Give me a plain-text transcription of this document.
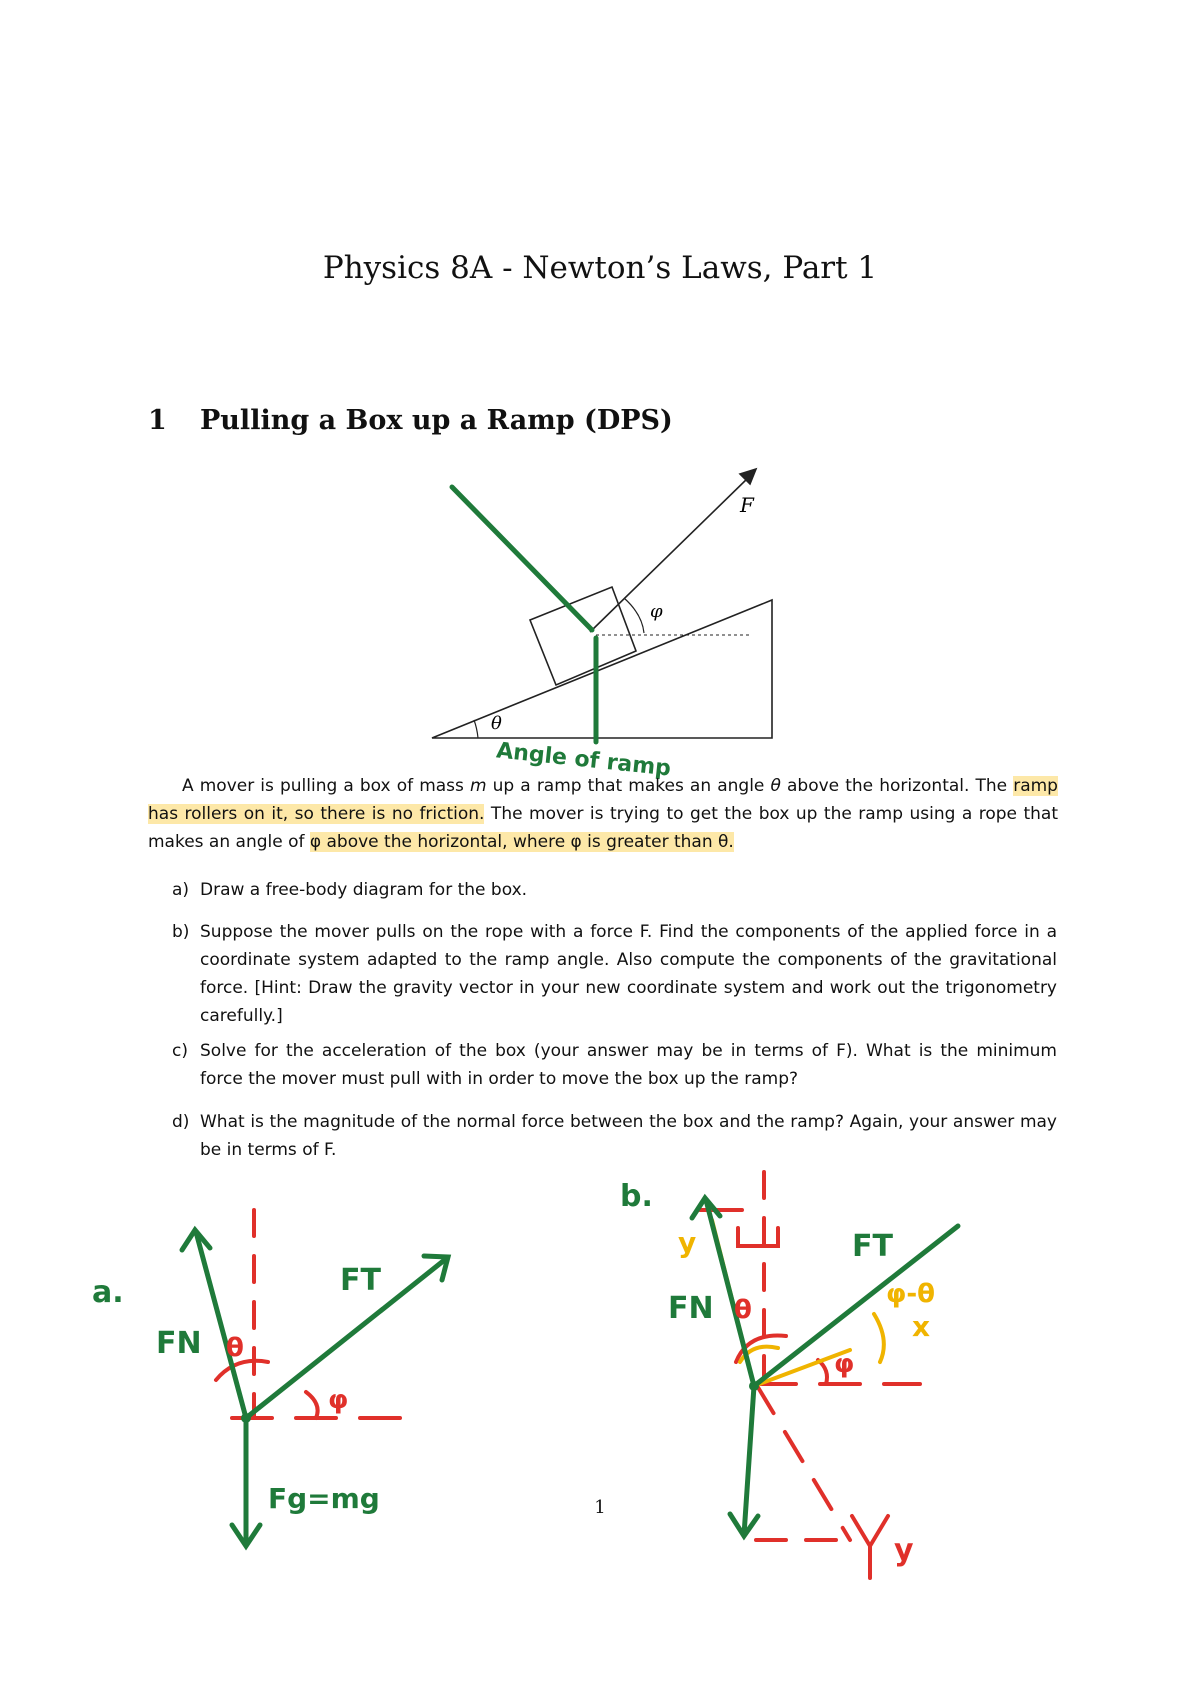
Physics 8A - Newton’s Laws, Part 1
1 Pulling a Box up a Ramp (DPS)
F
φ
θ
Angle of ramp
a.
FN
FT
Fg=mg
θ
φ
b.
FN
FT
θ
φ
φ-θ
x
y
y
A mover is pulling a box of mass m up a ramp that makes an angle θ above the horizontal. The ramp has rollers on it, so there is no friction. The mover is trying to get the box up the ramp using a rope that makes an angle of φ above the horizontal, where φ is greater than θ.
a) Draw a free-body diagram for the box.
b) Suppose the mover pulls on the rope with a force F. Find the components of the applied force in a coordinate system adapted to the ramp angle. Also compute the components of the gravitational force. [Hint: Draw the gravity vector in your new coordinate system and work out the trigonometry carefully.]
c) Solve for the acceleration of the box (your answer may be in terms of F). What is the minimum force the mover must pull with in order to move the box up the ramp?
d) What is the magnitude of the normal force between the box and the ramp? Again, your answer may be in terms of F.
1
